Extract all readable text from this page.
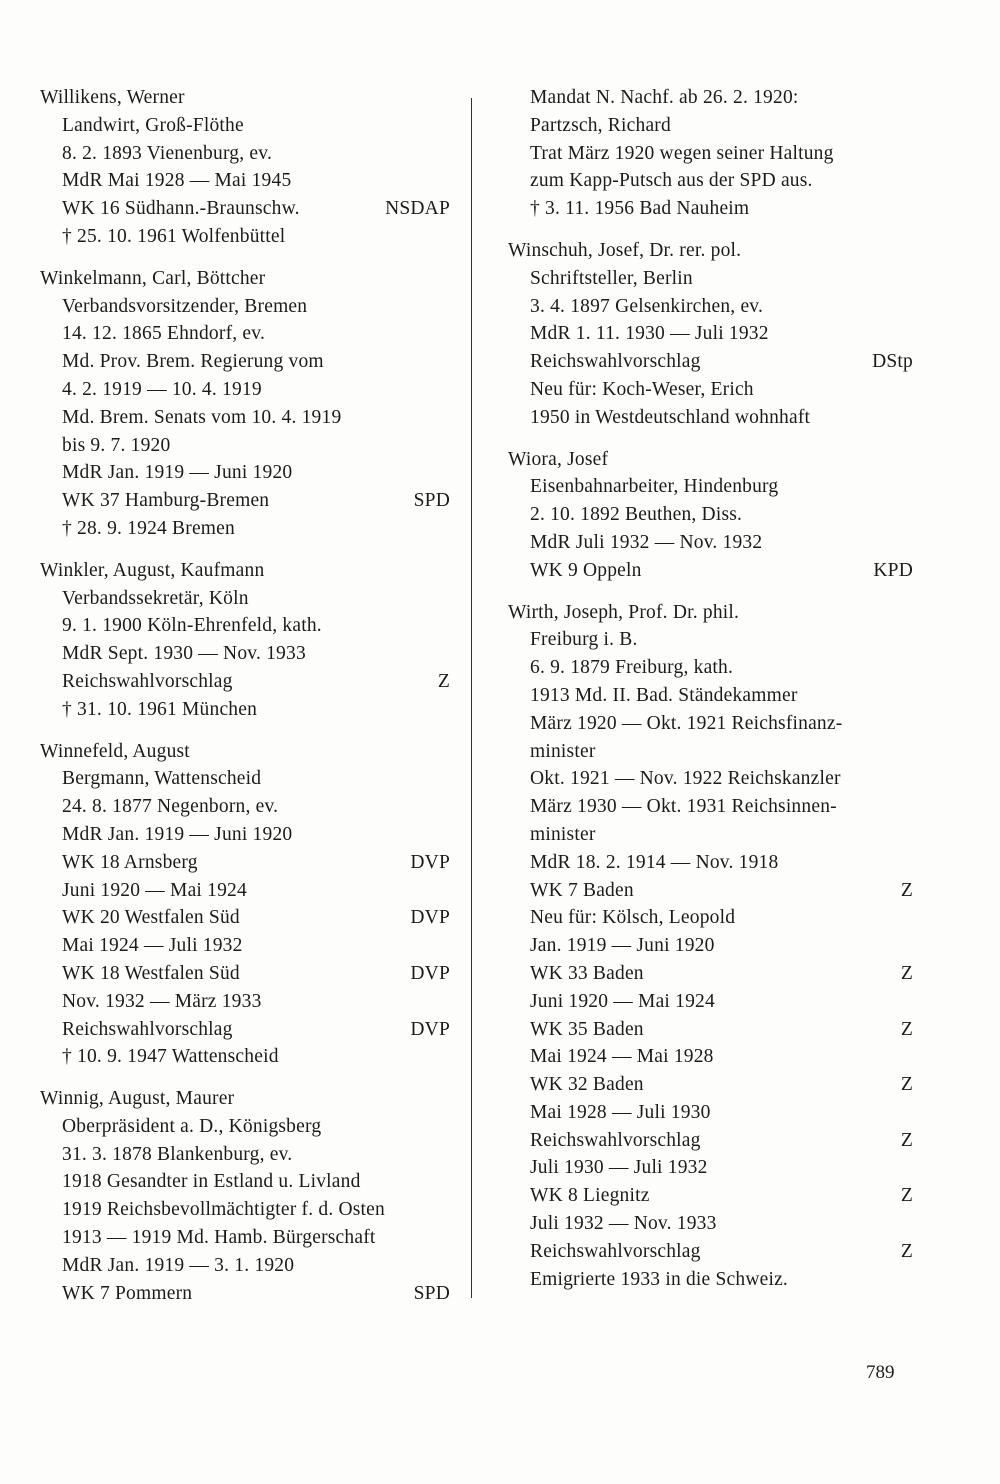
Willikens, Werner
Landwirt, Groß-Flöthe
8. 2. 1893 Vienenburg, ev.
MdR Mai 1928 — Mai 1945
WK 16 Südhann.-Braunschw.	NSDAP
† 25. 10. 1961 Wolfenbüttel
Winkelmann, Carl, Böttcher
Verbandsvorsitzender, Bremen
14. 12. 1865 Ehndorf, ev.
Md. Prov. Brem. Regierung vom
4. 2. 1919 — 10. 4. 1919
Md. Brem. Senats vom 10. 4. 1919
bis 9. 7. 1920
MdR Jan. 1919 — Juni 1920
WK 37 Hamburg-Bremen	SPD
† 28. 9. 1924 Bremen
Winkler, August, Kaufmann
Verbandssekretär, Köln
9. 1. 1900 Köln-Ehrenfeld, kath.
MdR Sept. 1930 — Nov. 1933
Reichswahlvorschlag	Z
† 31. 10. 1961 München
Winnefeld, August
Bergmann, Wattenscheid
24. 8. 1877 Negenborn, ev.
MdR Jan. 1919 — Juni 1920
WK 18 Arnsberg	DVP
Juni 1920 — Mai 1924
WK 20 Westfalen Süd	DVP
Mai 1924 — Juli 1932
WK 18 Westfalen Süd	DVP
Nov. 1932 — März 1933
Reichswahlvorschlag	DVP
† 10. 9. 1947 Wattenscheid
Winnig, August, Maurer
Oberpräsident a. D., Königsberg
31. 3. 1878 Blankenburg, ev.
1918 Gesandter in Estland u. Livland
1919 Reichsbevollmächtigter f. d. Osten
1913 — 1919 Md. Hamb. Bürgerschaft
MdR Jan. 1919 — 3. 1. 1920
WK 7 Pommern	SPD
Mandat N. Nachf. ab 26. 2. 1920:
Partzsch, Richard
Trat März 1920 wegen seiner Haltung
zum Kapp-Putsch aus der SPD aus.
† 3. 11. 1956 Bad Nauheim
Winschuh, Josef, Dr. rer. pol.
Schriftsteller, Berlin
3. 4. 1897 Gelsenkirchen, ev.
MdR 1. 11. 1930 — Juli 1932
Reichswahlvorschlag	DStp
Neu für: Koch-Weser, Erich
1950 in Westdeutschland wohnhaft
Wiora, Josef
Eisenbahnarbeiter, Hindenburg
2. 10. 1892 Beuthen, Diss.
MdR Juli 1932 — Nov. 1932
WK 9 Oppeln	KPD
Wirth, Joseph, Prof. Dr. phil.
Freiburg i. B.
6. 9. 1879 Freiburg, kath.
1913 Md. II. Bad. Ständekammer
März 1920 — Okt. 1921 Reichsfinanz-
minister
Okt. 1921 — Nov. 1922 Reichskanzler
März 1930 — Okt. 1931 Reichsinnen-
minister
MdR 18. 2. 1914 — Nov. 1918
WK 7 Baden	Z
Neu für: Kölsch, Leopold
Jan. 1919 — Juni 1920
WK 33 Baden	Z
Juni 1920 — Mai 1924
WK 35 Baden	Z
Mai 1924 — Mai 1928
WK 32 Baden	Z
Mai 1928 — Juli 1930
Reichswahlvorschlag	Z
Juli 1930 — Juli 1932
WK 8 Liegnitz	Z
Juli 1932 — Nov. 1933
Reichswahlvorschlag	Z
Emigrierte 1933 in die Schweiz.
789
